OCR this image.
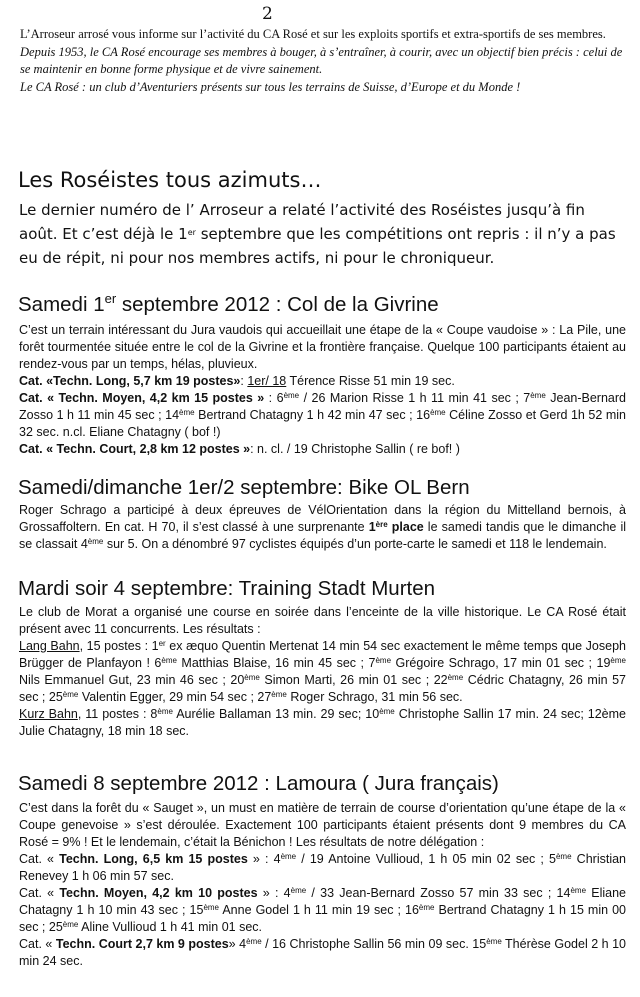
2

L’Arroseur arrosé vous informe sur l’activité du CA Rosé et sur les exploits sportifs et extra-sportifs de ses membres.

Depuis 1953, le CA Rosé encourage ses membres à bouger, à s’entraîner, à courir, avec un objectif bien précis : celui de se maintenir en bonne forme physique et de vivre sainement.

Le CA Rosé : un club d’Aventuriers présents sur tous les terrains de Suisse, d’Europe et du Monde !

Les Roséistes tous azimuts…

Le dernier numéro de l’ Arroseur a relaté l’activité des Roséistes jusqu’à fin août. Et c’est déjà le 1er septembre que les compétitions ont repris : il n’y a pas eu de répit, ni pour nos membres actifs, ni pour le chroniqueur.

Samedi 1er septembre 2012 : Col de la Givrine

C’est un terrain intéressant du Jura vaudois qui accueillait une étape de la « Coupe vaudoise » : La Pile, une forêt tourmentée située entre le col de la Givrine et la frontière française. Quelque 100 participants étaient au rendez-vous par un temps, hélas, pluvieux.

Cat. «Techn. Long, 5,7 km 19 postes»: 1er/ 18 Térence Risse 51 min 19 sec.

Cat. « Techn. Moyen, 4,2 km 15 postes » : 6ème / 26 Marion Risse 1 h 11 min 41 sec ; 7ème Jean-Bernard Zosso 1 h 11 min 45 sec ; 14ème Bertrand Chatagny 1 h 42 min 47 sec ; 16ème Céline Zosso et Gerd 1h 52 min 32 sec. n.cl. Eliane Chatagny ( bof !)

Cat. « Techn. Court, 2,8 km 12 postes »: n. cl. / 19 Christophe Sallin ( re bof! )

Samedi/dimanche 1er/2 septembre: Bike OL Bern

Roger Schrago a participé à deux épreuves de VélOrientation dans la région du Mittelland bernois, à Grossaffoltern. En cat. H 70, il s’est classé à une surprenante 1ère place le samedi tandis que le dimanche il se classait 4ème sur 5. On a dénombré 97 cyclistes équipés d’un porte-carte le samedi et 118 le lendemain.

Mardi soir 4 septembre: Training Stadt Murten

Le club de Morat a organisé une course en soirée dans l’enceinte de la ville historique. Le CA Rosé était présent avec 11 concurrents. Les résultats :

Lang Bahn, 15 postes : 1er ex æquo Quentin Mertenat 14 min 54 sec exactement le même temps que Joseph Brügger de Planfayon ! 6ème Matthias Blaise, 16 min 45 sec ; 7ème Grégoire Schrago, 17 min 01 sec ; 19ème Nils Emmanuel Gut, 23 min 46 sec ; 20ème Simon Marti, 26 min 01 sec ; 22ème Cédric Chatagny, 26 min 57 sec ; 25ème Valentin Egger, 29 min 54 sec ; 27ème Roger Schrago, 31 min 56 sec.

Kurz Bahn, 11 postes : 8ème Aurélie Ballaman 13 min. 29 sec; 10ème Christophe Sallin 17 min. 24 sec; 12ème Julie Chatagny, 18 min 18 sec.

Samedi 8 septembre 2012 : Lamoura ( Jura français)

C’est dans la forêt du « Sauget », un must en matière de terrain de course d’orientation qu’une étape de la « Coupe genevoise » s’est déroulée. Exactement 100 participants étaient présents dont 9 membres du CA Rosé = 9% ! Et le lendemain, c’était la Bénichon ! Les résultats de notre délégation :

Cat. « Techn. Long, 6,5 km 15 postes » : 4ème / 19 Antoine Vullioud, 1 h 05 min 02 sec ; 5ème Christian Renevey 1 h 06 min 57 sec.

Cat. « Techn. Moyen, 4,2 km 10 postes » : 4ème / 33 Jean-Bernard Zosso 57 min 33 sec ; 14ème Eliane Chatagny 1 h 10 min 43 sec ; 15ème Anne Godel 1 h 11 min 19 sec ; 16ème Bertrand Chatagny 1 h 15 min 00 sec ; 25ème Aline Vullioud 1 h 41 min 01 sec.

Cat. « Techn. Court 2,7 km 9 postes» 4ème / 16 Christophe Sallin 56 min 09 sec. 15ème Thérèse Godel 2 h 10 min 24 sec.
